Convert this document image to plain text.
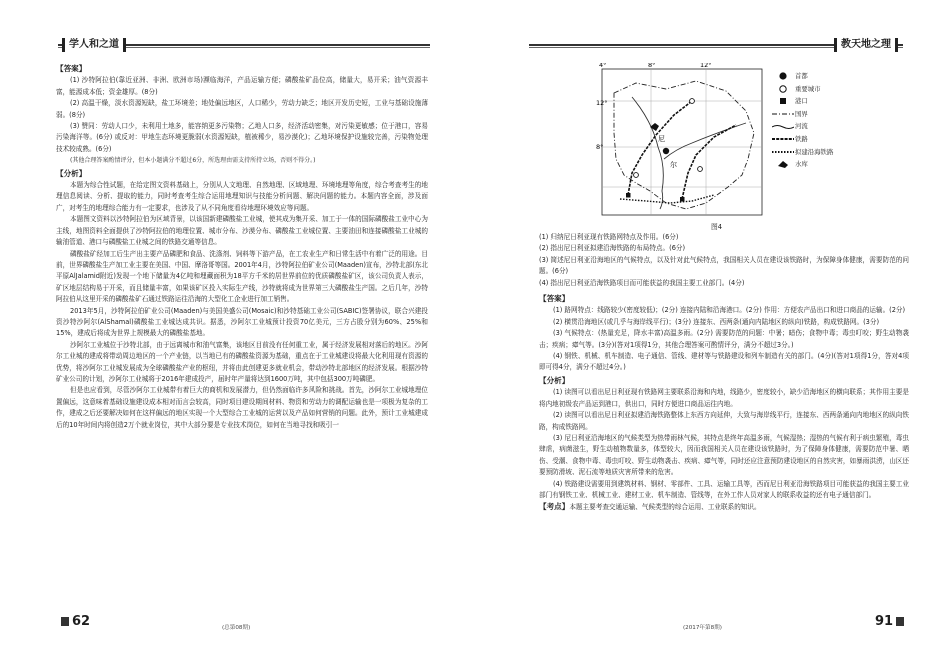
学人和之道
【答案】

(1) 沙特阿拉伯(靠近亚洲、非洲、欧洲市场)濒临海洋，产品运输方便；磷酸盐矿品位高，储量大，易开采；油气资源丰富，能源成本低；资金雄厚。(8分)

(2) 高温干燥，淡水资源短缺，盐工环境差；地处偏远地区，人口稀少，劳动力缺乏；地区开发历史短，工业与基础设施薄弱。(8分)

(3) 赞同：劳动人口少，未利用土地多，能容纳更多污染物；乙地人口多，经济活动密集，对污染更敏感；位于港口，容易污染海洋等。(6分) 或反对：甲地生态环境更脆弱(水资源短缺，植被稀少，易沙漠化)；乙地环境保护设施较完善，污染物处理技术较成熟。(6分)

(其他合理答案酌情评分，但本小题满分不超过6分，所选理由需支持所持立场，否则不得分。)

【分析】

本题为综合性试题，在给定图文资料基础上，分别从人文地理、自然地理、区域地理、环境地理等角度，综合考查考生的地理信息阅读、分析、提取的能力，同时考查考生综合运用地理知识与技能分析问题、解决问题的能力。本题内容全面，涉及面广，对考生的地理综合能力有一定要求，也涉及了从不同角度看待地理环境效应等问题。

本题图文资料以沙特阿拉伯为区域背景，以该国新建磷酸盐工业城，使其成为集开采、加工于一体的国际磷酸盐工业中心为主线，地图资料全面提供了沙特阿拉伯的地理位置、城市分布、沙漠分布、磷酸盐工业城位置、主要油田和连接磷酸盐工业城的输油管道、港口与磷酸盐工业城之间的铁路交通等信息。

磷酸盐矿经加工后生产出主要产品磷肥和食品、洗涤剂、饲料等下游产品，在工农业生产和日常生活中有着广泛的用途。目前，世界磷酸盐生产加工业主要在美国、中国、摩洛哥等国。2001年4月，沙特阿拉伯矿业公司(Maaden)宣布，沙特北部(东北平原AlJalamid附近)发现一个地下储量为4亿吨和埋藏面积为18平方千米的居世界前位的优质磷酸盐矿区，该公司负责人表示，矿区地层结构易于开采，而且储量丰富，如果该矿区投入实际生产线，沙特就将成为世界第三大磷酸盐生产国。之后几年，沙特阿拉伯从这里开采的磷酸盐矿石通过铁路运往沿海的大型化工企业进行加工销售。

2013年5月，沙特阿拉伯矿业公司(Maaden)与美国美盛公司(Mosaic)和沙特基础工业公司(SABIC)签署协议，联合兴建投资沙特沙阿尔(AlShamal)磷酸盐工业城达成共识。据悉，沙阿尔工业城预计投资70亿美元，三方占股分别为60%、25%和15%，建成后将成为世界上规模最大的磷酸盐基地。

沙阿尔工业城位于沙特北部，由于远离城市和油气富集，该地区目前没有任何重工业，属于经济发展相对落后的地区。沙阿尔工业城的建成将带动周边地区的一个产业链，以当地已有的磷酸盐资源为基础，重点在于工业城建设将最大化利用现有资源的优势，将沙阿尔工业城发展成为全球磷酸盐产业的枢纽，并将由此创建更多就业机会，带动沙特北部地区的经济发展。根据沙特矿业公司的计划，沙阿尔工业城将于2016年建成投产，届时年产量将达到1600万吨，其中包括300万吨磷肥。

但是也应看到，尽管沙阿尔工业城带有着巨大的商机和发展潜力，但仍然面临许多风险和挑战。首先，沙阿尔工业城地理位置偏远，这意味着基础设施建设成本相对而言会较高，同时项目建设期间材料、物资和劳动力的调配运输也是一项极为复杂的工作，建成之后还要解决如何在这样偏远的地区实现一个大型综合工业城的运营以及产品如何营销的问题。此外，预计工业城建成后的10年时间内将创造2万个就业岗位，其中大部分要是专业技术岗位，如何在当地寻找和吸引一

62	(总第08期)
教天地之理
4°	8°	12°
12°
8°
尼
尔
首都
重要城市
港口
国界
河流
铁路
拟建沿海铁路
水库
图4

(1) 归纳尼日利亚现有铁路网特点及作用。(6分)

(2) 指出尼日利亚拟建沿海铁路的布局特点。(6分)

(3) 简述尼日利亚沿海地区的气候特点，以及针对此气候特点，我国相关人员在建设该铁路时，为保障身体健康，需要防范的问题。(6分)

(4) 指出尼日利亚沿海铁路项目而可能获益的我国主要工业部门。(4分)

【答案】

(1) 路网特点：线路较少(密度较低)；(2分) 连接内陆和沿海港口。(2分) 作用：方便农产品出口和进口商品的运输。(2分)

(2) 横贯沿海地区(或几乎与海岸线平行)；(3分) 连接东、西两条(通向内陆地区的纵向)铁路，构成铁路网。(3分)

(3) 气候特点：(热量充足，降水丰富)高温多雨。(2分) 需要防范的问题：中暑；暗伤；食物中毒；毒虫叮咬；野生动物袭击；疾病；瘴气等。(3分)(答对1项得1分，其他合理答案可酌情评分，满分不超过3分。)

(4) 钢铁、机械、机车制造、电子通信、管线、建材等与铁路建设和列车制造有关的部门。(4分)(答对1项得1分，答对4项即可得4分，满分不超过4分。)

【分析】

(1) 读图可以看出尼日利亚现有铁路网主要联系沿海和内地，线路少，密度较小，缺少沿海地区的横向联系；其作用主要是将内地初级农产品运到港口，供出口，同时方便进口商品运往内地。

(2) 读图可以看出尼日利亚拟建沿海铁路整体上东西方向延伸，大致与海岸线平行，连接东、西两条通向内地地区的纵向铁路，构成铁路网。

(3) 尼日利亚沿海地区的气候类型为热带雨林气候，其特点是终年高温多雨，气候湿热；湿热的气候有利于病虫繁殖，毒虫肆虐，病菌滋生，野生动植物数量多，体型较大，因而我国相关人员在建设该铁路时，为了保障身体健康，需要防范中暑、晒伤、受潮、食物中毒、毒虫叮咬、野生动物袭击、疾病、瘴气等，同时还应注意预防建设地区的自然灾害，如暴雨洪涝，山区还要预防滑坡、泥石流等地质灾害所带来的危害。

(4) 铁路建设需要用到建筑材料、钢材、零部件、工具、运输工具等，西而尼日利亚沿海铁路项目可能获益的我国主要工业部门有钢铁工业、机械工业、建材工业、机车制造、管线等，在外工作人员对家人的联系收益的还有电子通信部门。

【考点】本题主要考查交通运输、气候类型的综合运用、工业联系的知识。

91
(2017年第8期)
